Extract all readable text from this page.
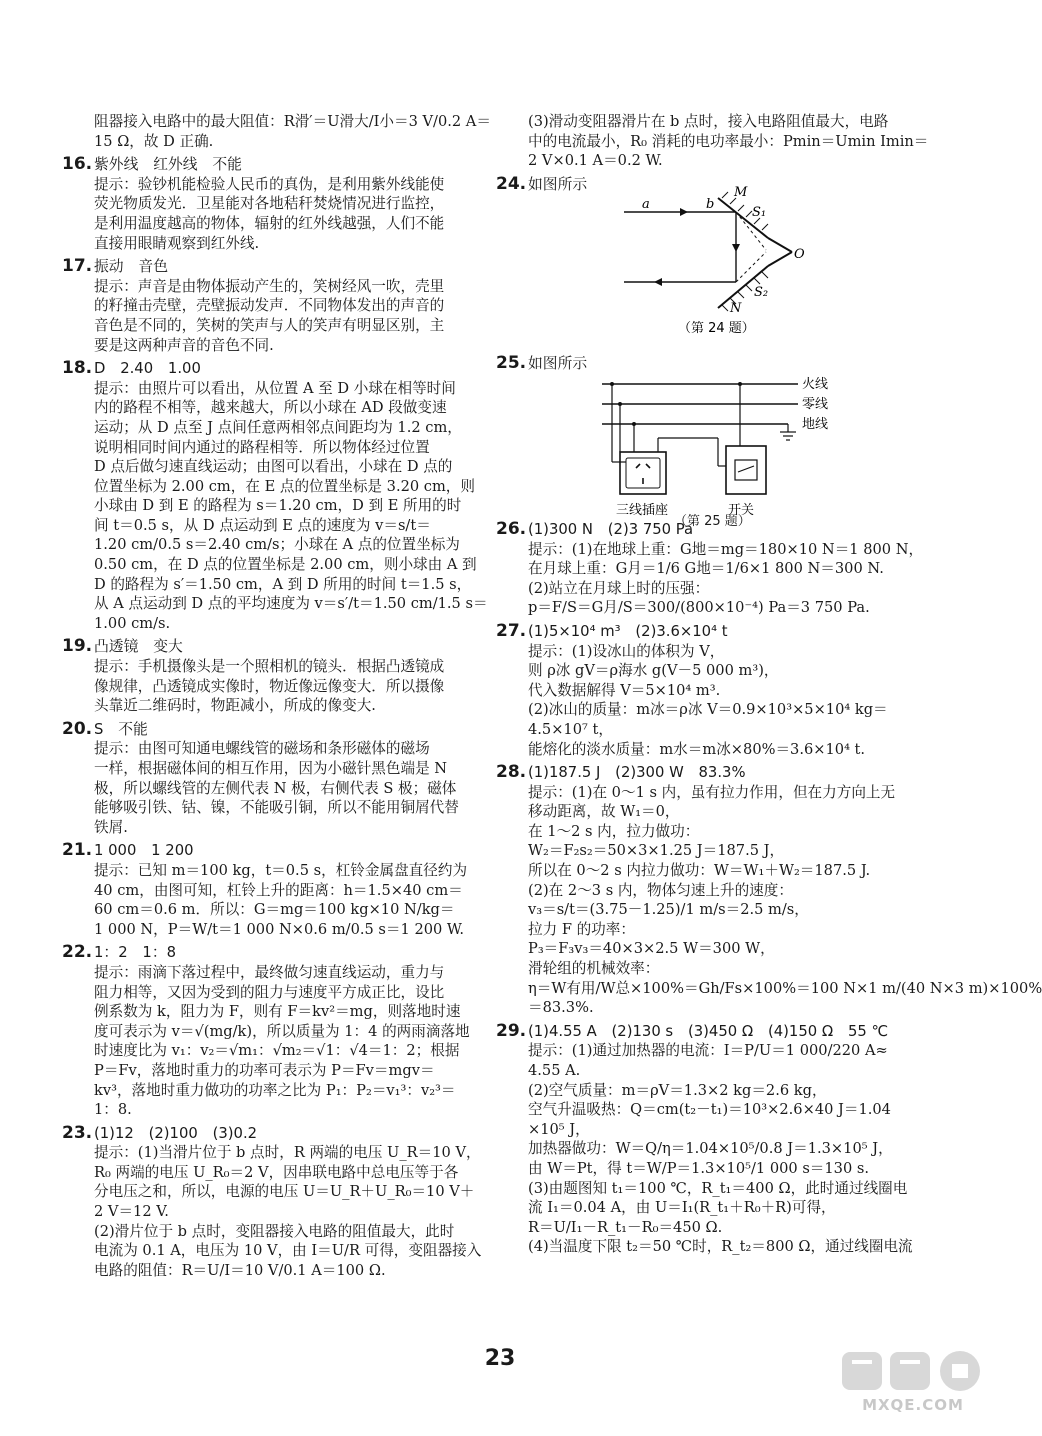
阻器接入电路中的最大阻值：R滑′＝U滑大/I小＝3 V/0.2 A＝
15 Ω，故 D 正确.
16. 紫外线　红外线　不能
提示：验钞机能检验人民币的真伪，是利用紫外线能使
荧光物质发光．卫星能对各地秸秆焚烧情况进行监控，
是利用温度越高的物体，辐射的红外线越强，人们不能
直接用眼睛观察到红外线.
17. 振动　音色
提示：声音是由物体振动产生的，笑树经风一吹，壳里
的籽撞击壳壁，壳壁振动发声．不同物体发出的声音的
音色是不同的，笑树的笑声与人的笑声有明显区别，主
要是这两种声音的音色不同.
18. D　2.40　1.00
提示：由照片可以看出，从位置 A 至 D 小球在相等时间
内的路程不相等，越来越大，所以小球在 AD 段做变速
运动；从 D 点至 J 点间任意两相邻点间距均为 1.2 cm，
说明相同时间内通过的路程相等．所以物体经过位置
D 点后做匀速直线运动；由图可以看出，小球在 D 点的
位置坐标为 2.00 cm，在 E 点的位置坐标是 3.20 cm，则
小球由 D 到 E 的路程为 s＝1.20 cm，D 到 E 所用的时
间 t＝0.5 s，从 D 点运动到 E 点的速度为 v＝s/t＝
1.20 cm/0.5 s＝2.40 cm/s；小球在 A 点的位置坐标为
0.50 cm，在 D 点的位置坐标是 2.00 cm，则小球由 A 到
D 的路程为 s′＝1.50 cm，A 到 D 所用的时间 t＝1.5 s，
从 A 点运动到 D 点的平均速度为 v＝s′/t＝1.50 cm/1.5 s＝
1.00 cm/s.
19. 凸透镜　变大
提示：手机摄像头是一个照相机的镜头．根据凸透镜成
像规律，凸透镜成实像时，物近像远像变大．所以摄像
头靠近二维码时，物距减小，所成的像变大.
20. S　不能
提示：由图可知通电螺线管的磁场和条形磁体的磁场
一样，根据磁体间的相互作用，因为小磁针黑色端是 N
极，所以螺线管的左侧代表 N 极，右侧代表 S 极；磁体
能够吸引铁、钴、镍，不能吸引铜，所以不能用铜屑代替
铁屑.
21. 1 000　1 200
提示：已知 m＝100 kg，t＝0.5 s，杠铃金属盘直径约为
40 cm，由图可知，杠铃上升的距离：h＝1.5×40 cm＝
60 cm＝0.6 m．所以：G＝mg＝100 kg×10 N/kg＝
1 000 N，P＝W/t＝1 000 N×0.6 m/0.5 s＝1 200 W.
22. 1：2　1：8
提示：雨滴下落过程中，最终做匀速直线运动，重力与
阻力相等，又因为受到的阻力与速度平方成正比，设比
例系数为 k，阻力为 F，则有 F＝kv²＝mg，则落地时速
度可表示为 v＝√(mg/k)，所以质量为 1：4 的两雨滴落地
时速度比为 v₁：v₂＝√m₁：√m₂＝√1：√4＝1：2；根据
P＝Fv，落地时重力的功率可表示为 P＝Fv＝mgv＝
kv³，落地时重力做功的功率之比为 P₁：P₂＝v₁³：v₂³＝
1：8.
23. (1)12　(2)100　(3)0.2
提示：(1)当滑片位于 b 点时，R 两端的电压 U_R＝10 V，
R₀ 两端的电压 U_R₀＝2 V，因串联电路中总电压等于各
分电压之和，所以，电源的电压 U＝U_R＋U_R₀＝10 V＋
2 V＝12 V.
(2)滑片位于 b 点时，变阻器接入电路的阻值最大，此时
电流为 0.1 A，电压为 10 V，由 I＝U/R 可得，变阻器接入
电路的阻值：R＝U/I＝10 V/0.1 A＝100 Ω.
(3)滑动变阻器滑片在 b 点时，接入电路阻值最大，电路
中的电流最小，R₀ 消耗的电功率最小：Pmin＝Umin Imin＝
2 V×0.1 A＝0.2 W.
24. 如图所示
25. 如图所示
26. (1)300 N　(2)3 750 Pa
提示：(1)在地球上重：G地＝mg＝180×10 N＝1 800 N，
在月球上重：G月＝1/6 G地＝1/6×1 800 N＝300 N.
(2)站立在月球上时的压强：
p＝F/S＝G月/S＝300/(800×10⁻⁴) Pa＝3 750 Pa.
27. (1)5×10⁴ m³　(2)3.6×10⁴ t
提示：(1)设冰山的体积为 V，
则 ρ冰 gV＝ρ海水 g(V－5 000 m³)，
代入数据解得 V＝5×10⁴ m³.
(2)冰山的质量：m冰＝ρ冰 V＝0.9×10³×5×10⁴ kg＝
4.5×10⁷ t，
能熔化的淡水质量：m水＝m冰×80%＝3.6×10⁴ t.
28. (1)187.5 J　(2)300 W　83.3%
提示：(1)在 0～1 s 内，虽有拉力作用，但在力方向上无
移动距离，故 W₁＝0，
在 1～2 s 内，拉力做功：
W₂＝F₂s₂＝50×3×1.25 J＝187.5 J，
所以在 0～2 s 内拉力做功：W＝W₁＋W₂＝187.5 J.
(2)在 2～3 s 内，物体匀速上升的速度：
v₃＝s/t＝(3.75－1.25)/1 m/s＝2.5 m/s，
拉力 F 的功率：
P₃＝F₃v₃＝40×3×2.5 W＝300 W，
滑轮组的机械效率：
η＝W有用/W总×100%＝Gh/Fs×100%＝100 N×1 m/(40 N×3 m)×100%
＝83.3%.
29. (1)4.55 A　(2)130 s　(3)450 Ω　(4)150 Ω　55 ℃
提示：(1)通过加热器的电流：I＝P/U＝1 000/220 A≈
4.55 A.
(2)空气质量：m＝ρV＝1.3×2 kg＝2.6 kg，
空气升温吸热：Q＝cm(t₂－t₁)＝10³×2.6×40 J＝1.04
×10⁵ J，
加热器做功：W＝Q/η＝1.04×10⁵/0.8 J＝1.3×10⁵ J，
由 W＝Pt，得 t＝W/P＝1.3×10⁵/1 000 s＝130 s.
(3)由题图知 t₁＝100 ℃，R_t₁＝400 Ω，此时通过线圈电
流 I₁＝0.04 A，由 U＝I₁(R_t₁＋R₀＋R)可得，
R＝U/I₁－R_t₁－R₀＝450 Ω.
(4)当温度下限 t₂＝50 ℃时，R_t₂＝800 Ω，通过线圈电流
a	b
M
S₁
O
S₂
N
（第 24 题）
火线
零线
地线
三线插座	开关
（第 25 题）
23
MXQE.COM
